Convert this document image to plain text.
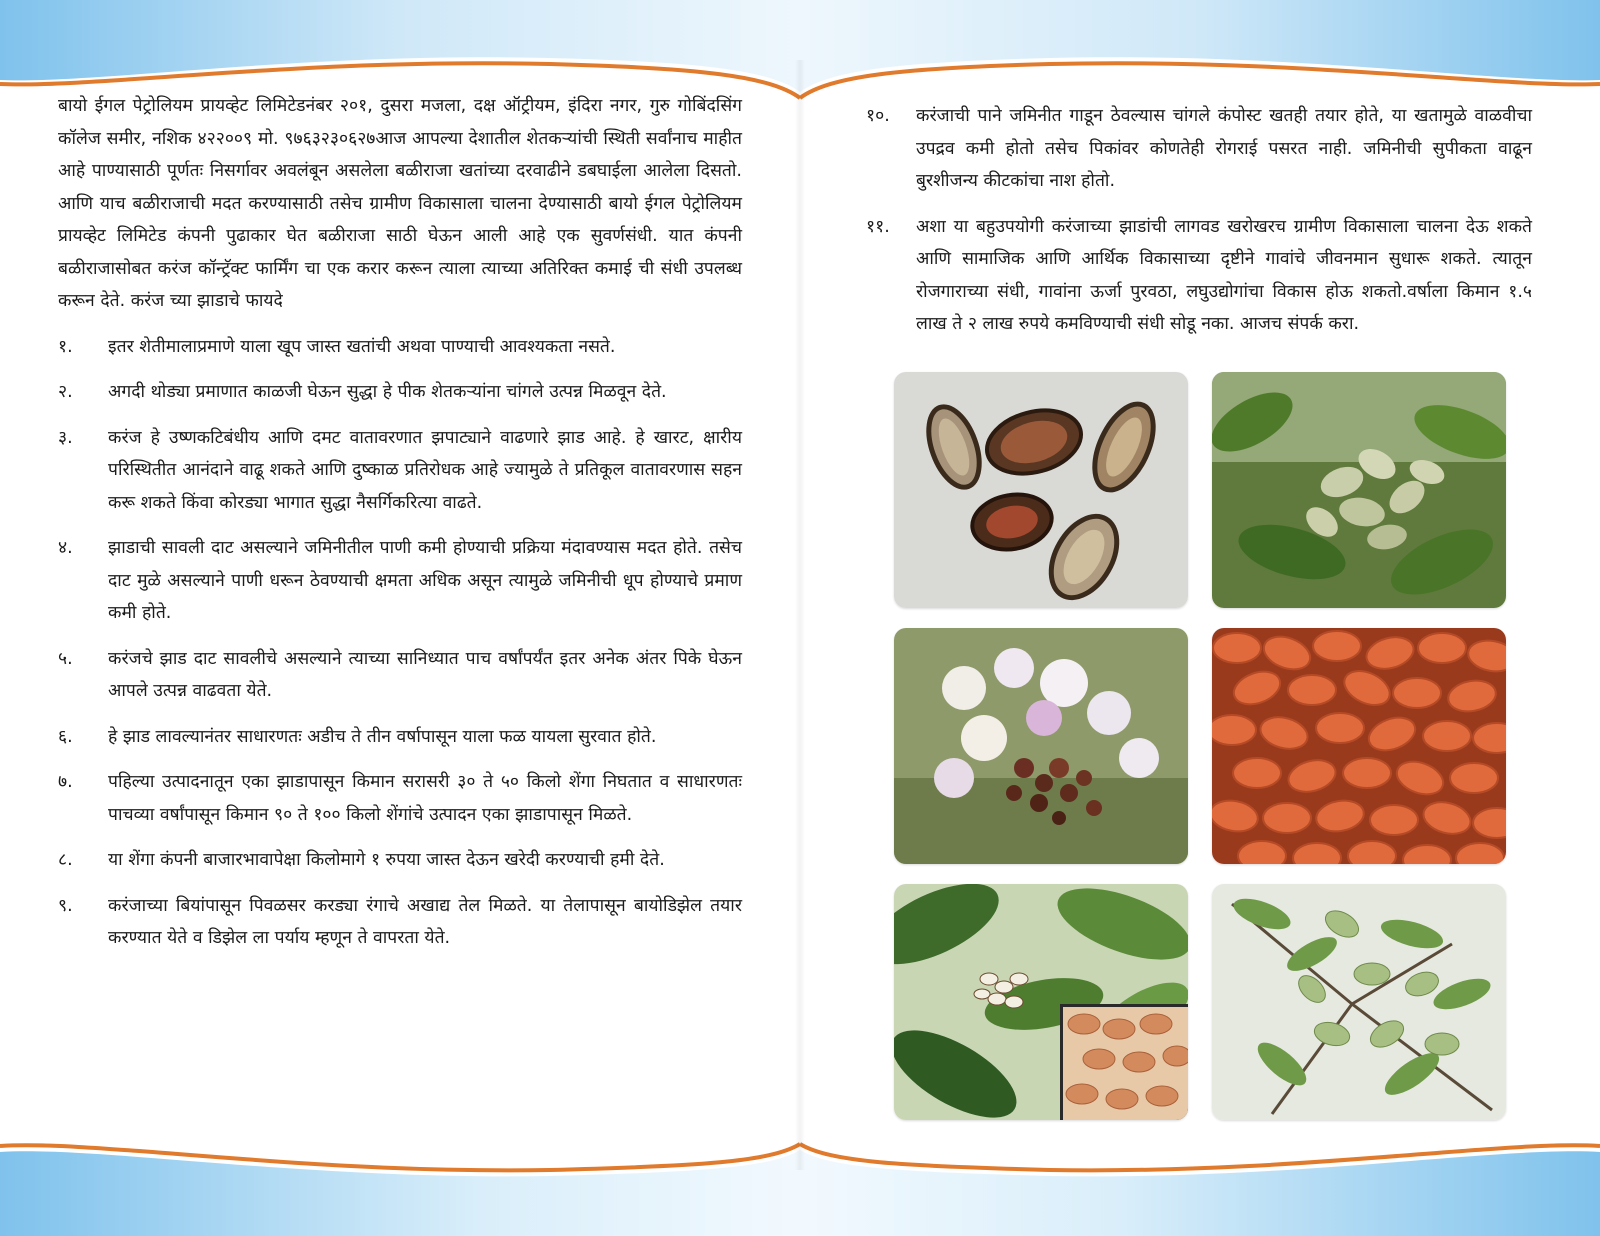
बायो ईगल पेट्रोलियम प्रायव्हेट लिमिटेडनंबर २०१, दुसरा मजला, दक्ष ऑट्रीयम, इंदिरा नगर, गुरु गोबिंदसिंग कॉलेज समीर, नशिक ४२२००९ मो. ९७६३२३०६२७आज आपल्या देशातील शेतकऱ्यांची स्थिती सर्वांनाच माहीत आहे पाण्यासाठी पूर्णतः निसर्गावर अवलंबून असलेला बळीराजा खतांच्या दरवाढीने डबघाईला आलेला दिसतो. आणि याच बळीराजाची मदत करण्यासाठी तसेच ग्रामीण विकासाला चालना देण्यासाठी बायो ईगल पेट्रोलियम प्रायव्हेट लिमिटेड कंपनी पुढाकार घेत बळीराजा साठी घेऊन आली आहे एक सुवर्णसंधी. यात कंपनी बळीराजासोबत करंज कॉन्ट्रॅक्ट फार्मिंग चा एक करार करून त्याला त्याच्या अतिरिक्त कमाई ची संधी उपलब्ध करून देते. करंज च्या झाडाचे फायदे

१.	इतर शेतीमालाप्रमाणे याला खूप जास्त खतांची अथवा पाण्याची आवश्यकता नसते.
२.	अगदी थोड्या प्रमाणात काळजी घेऊन सुद्धा हे पीक शेतकऱ्यांना चांगले उत्पन्न मिळवून देते.
३.	करंज हे उष्णकटिबंधीय आणि दमट वातावरणात झपाट्याने वाढणारे झाड आहे. हे खारट, क्षारीय परिस्थितीत आनंदाने वाढू शकते आणि दुष्काळ प्रतिरोधक आहे ज्यामुळे ते प्रतिकूल वातावरणास सहन करू शकते किंवा कोरड्या भागात सुद्धा नैसर्गिकरित्या वाढते.
४.	झाडाची सावली दाट असल्याने जमिनीतील पाणी कमी होण्याची प्रक्रिया मंदावण्यास मदत होते. तसेच दाट मुळे असल्याने पाणी धरून ठेवण्याची क्षमता अधिक असून त्यामुळे जमिनीची धूप होण्याचे प्रमाण कमी होते.
५.	करंजचे झाड दाट सावलीचे असल्याने त्याच्या सानिध्यात पाच वर्षांपर्यंत इतर अनेक अंतर पिके घेऊन आपले उत्पन्न वाढवता येते.
६.	हे झाड लावल्यानंतर साधारणतः अडीच ते तीन वर्षापासून याला फळ यायला सुरवात होते.
७.	पहिल्या उत्पादनातून एका झाडापासून किमान सरासरी ३० ते ५० किलो शेंगा निघतात व साधारणतः पाचव्या वर्षांपासून किमान ९० ते १०० किलो शेंगांचे उत्पादन एका झाडापासून मिळते.
८.	या शेंगा कंपनी बाजारभावापेक्षा किलोमागे १ रुपया जास्त देऊन खरेदी करण्याची हमी देते.
९.	करंजाच्या बियांपासून पिवळसर करड्या रंगाचे अखाद्य तेल मिळते. या तेलापासून बायोडिझेल तयार करण्यात येते व डिझेल ला पर्याय म्हणून ते वापरता येते.
१०.	करंजाची पाने जमिनीत गाडून ठेवल्यास चांगले कंपोस्ट खतही तयार होते, या खतामुळे वाळवीचा उपद्रव कमी होतो तसेच पिकांवर कोणतेही रोगराई पसरत नाही. जमिनीची सुपीकता वाढून बुरशीजन्य कीटकांचा नाश होतो.
११.	अशा या बहुउपयोगी करंजाच्या झाडांची लागवड खरोखरच ग्रामीण विकासाला चालना देऊ शकते आणि सामाजिक आणि आर्थिक विकासाच्या दृष्टीने गावांचे जीवनमान सुधारू शकते. त्यातून रोजगाराच्या संधी, गावांना ऊर्जा पुरवठा, लघुउद्योगांचा विकास होऊ शकतो.वर्षाला किमान १.५ लाख ते २ लाख रुपये कमविण्याची संधी सोडू नका. आजच संपर्क करा.
